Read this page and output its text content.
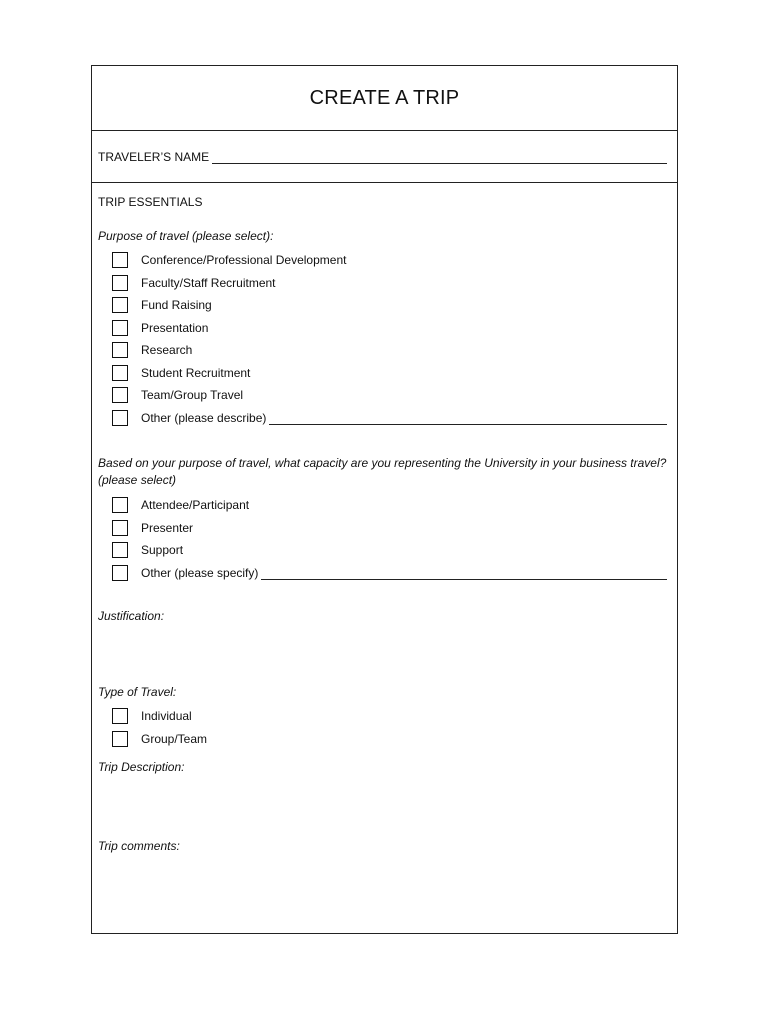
CREATE A TRIP
TRAVELER’S NAME
TRIP ESSENTIALS
Purpose of travel (please select):
Conference/Professional Development
Faculty/Staff Recruitment
Fund Raising
Presentation
Research
Student Recruitment
Team/Group Travel
Other (please describe)
Based on your purpose of travel, what capacity are you representing the University in your business travel? (please select)
Attendee/Participant
Presenter
Support
Other (please specify)
Justification:
Type of Travel:
Individual
Group/Team
Trip Description:
Trip comments:
